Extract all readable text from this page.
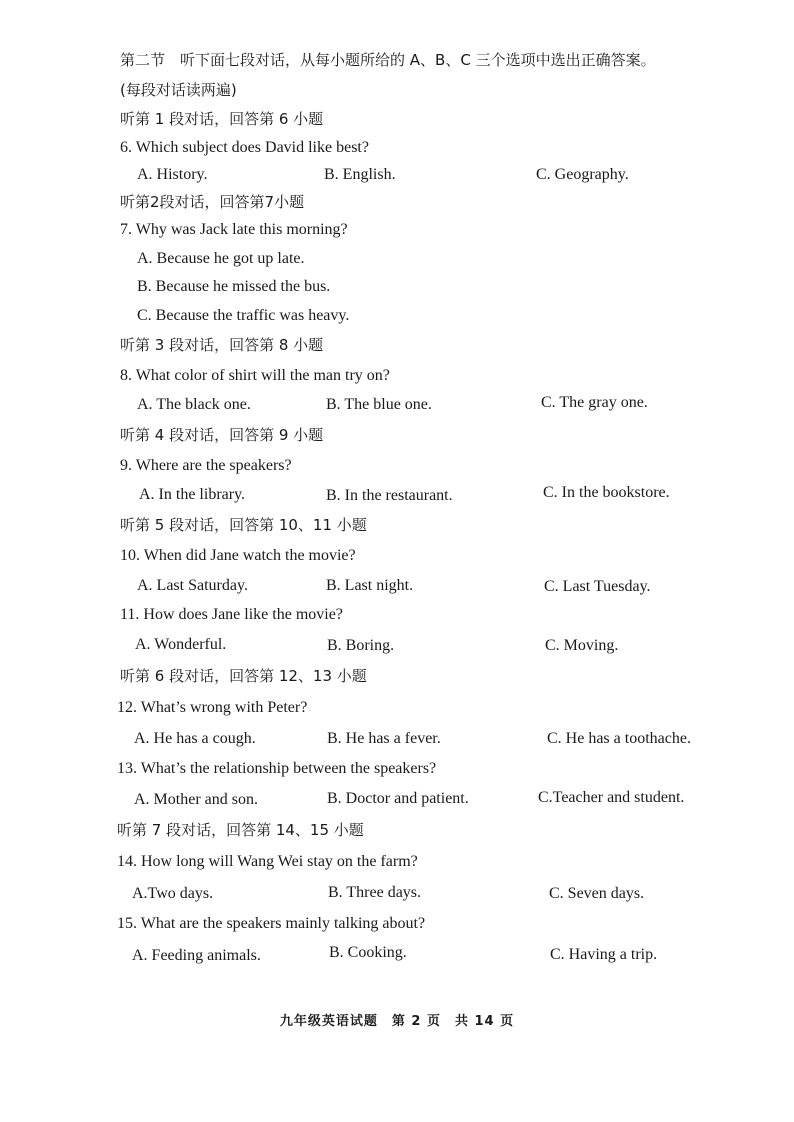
第二节　听下面七段对话，从每小题所给的 A、B、C 三个选项中选出正确答案。
(每段对话读两遍)
听第 1 段对话，回答第 6 小题
6. Which subject does David like best?
A. History.	B. English.	C. Geography.
听第2段对话，回答第7小题
7. Why was Jack late this morning?
A. Because he got up late.
B. Because he missed the bus.
C. Because the traffic was heavy.
听第 3 段对话，回答第 8 小题
8. What color of shirt will the man try on?
A. The black one.	B. The blue one.	C. The gray one.
听第 4 段对话，回答第 9 小题
9. Where are the speakers?
A. In the library.	B. In the restaurant.	C. In the bookstore.
听第 5 段对话，回答第 10、11 小题
10. When did Jane watch the movie?
A. Last Saturday.	B. Last night.	C. Last Tuesday.
11. How does Jane like the movie?
A. Wonderful.	B. Boring.	C. Moving.
听第 6 段对话，回答第 12、13 小题
12. What’s wrong with Peter?
A. He has a cough.	B. He has a fever.	C. He has a toothache.
13. What’s the relationship between the speakers?
A. Mother and son.	B. Doctor and patient.	C.Teacher and student.
听第 7 段对话，回答第 14、15 小题
14. How long will Wang Wei stay on the farm?
A.Two days.	B. Three days.	C. Seven days.
15. What are the speakers mainly talking about?
A. Feeding animals.	B. Cooking.	C. Having a trip.
九年级英语试题　第 2 页　共 14 页
